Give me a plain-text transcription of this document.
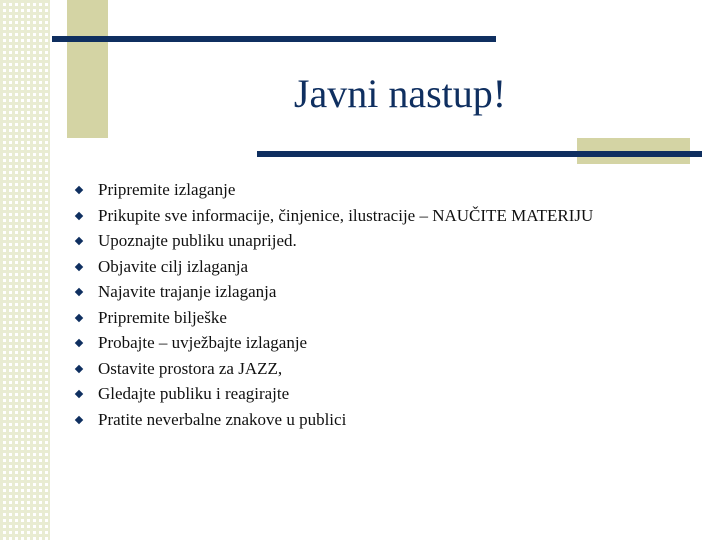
Javni nastup!
Pripremite izlaganje
Prikupite sve informacije, činjenice, ilustracije – NAUČITE MATERIJU
Upoznajte publiku unaprijed.
Objavite cilj izlaganja
Najavite trajanje izlaganja
Pripremite bilješke
Probajte – uvježbajte izlaganje
Ostavite prostora za JAZZ,
Gledajte publiku i reagirajte
Pratite neverbalne znakove u publici
